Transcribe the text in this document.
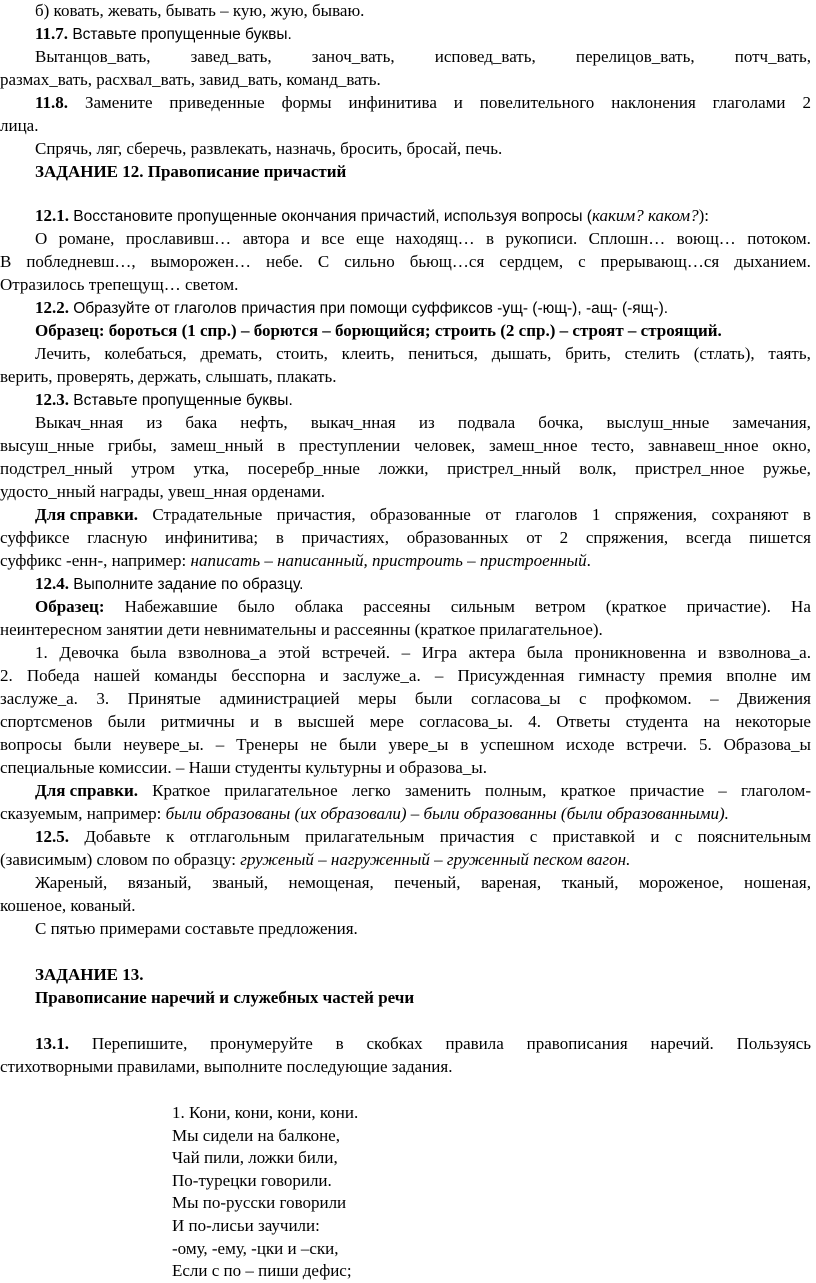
б) ковать, жевать, бывать – кую, жую, бываю.

11.7. Вставьте пропущенные буквы.

Вытанцов_вать, завед_вать, заноч_вать, исповед_вать, перелицов_вать, потч_вать,

размах_вать, расхвал_вать, завид_вать, команд_вать.

11.8. Замените приведенные формы инфинитива и повелительного наклонения глаголами 2

лица.

Спрячь, ляг, сберечь, развлекать, назначь, бросить, бросай, печь.

ЗАДАНИЕ 12. Правописание причастий

12.1. Восстановите пропущенные окончания причастий, используя вопросы (каким? каком?):

О романе, прославивш… автора и все еще находящ… в рукописи. Сплошн… воющ… потоком.

В побледневш…, выморожен… небе. С сильно бьющ…ся сердцем, с прерывающ…ся дыханием.

Отразилось трепещущ… светом.

12.2. Образуйте от глаголов причастия при помощи суффиксов -ущ- (-ющ-), -ащ- (-ящ-).

Образец: бороться (1 спр.) – борются – борющийся; строить (2 спр.) – строят – строящий.

Лечить, колебаться, дремать, стоить, клеить, пениться, дышать, брить, стелить (стлать), таять,

верить, проверять, держать, слышать, плакать.

12.3. Вставьте пропущенные буквы.

Выкач_нная из бака нефть, выкач_нная из подвала бочка, выслуш_нные замечания,

высуш_нные грибы, замеш_нный в преступлении человек, замеш_нное тесто, завнавеш_нное окно,

подстрел_нный утром утка, посеребр_нные ложки, пристрел_нный волк, пристрел_нное ружье,

удосто_нный награды, увеш_нная орденами.

Для справки. Страдательные причастия, образованные от глаголов 1 спряжения, сохраняют в

суффиксе гласную инфинитива; в причастиях, образованных от 2 спряжения, всегда пишется

суффикс -енн-, например: написать – написанный, пристроить – пристроенный.

12.4. Выполните задание по образцу.

Образец: Набежавшие было облака рассеяны сильным ветром (краткое причастие). На

неинтересном занятии дети невнимательны и рассеянны (краткое прилагательное).

1. Девочка была взволнова_а этой встречей. – Игра актера была проникновенна и взволнова_а.

2. Победа нашей команды бесспорна и заслуже_а. – Присужденная гимнасту премия вполне им

заслуже_а. 3. Принятые администрацией меры были согласова_ы с профкомом. – Движения

спортсменов были ритмичны и в высшей мере согласова_ы. 4. Ответы студента на некоторые

вопросы были неувере_ы. – Тренеры не были увере_ы в успешном исходе встречи. 5. Образова_ы

специальные комиссии. – Наши студенты культурны и образова_ы.

Для справки. Краткое прилагательное легко заменить полным, краткое причастие – глаголом-

сказуемым, например: были образованы (их образовали) – были образованны (были образованными).

12.5. Добавьте к отглагольным прилагательным причастия с приставкой и с пояснительным

(зависимым) словом по образцу: груженый – нагруженный – груженный песком вагон.

Жареный, вязаный, званый, немощеная, печеный, вареная, тканый, мороженое, ношеная,

кошеное, кованый.

С пятью примерами составьте предложения.

ЗАДАНИЕ 13.

Правописание наречий и служебных частей речи

13.1. Перепишите, пронумеруйте в скобках правила правописания наречий. Пользуясь

стихотворными правилами, выполните последующие задания.

1. Кони, кони, кони, кони.

Мы сидели на балконе,

Чай пили, ложки били,

По-турецки говорили.

Мы по-русски говорили

И по-лисьи заучили:

-ому, -ему, -цки и –ски,

Если с по – пиши дефис;
